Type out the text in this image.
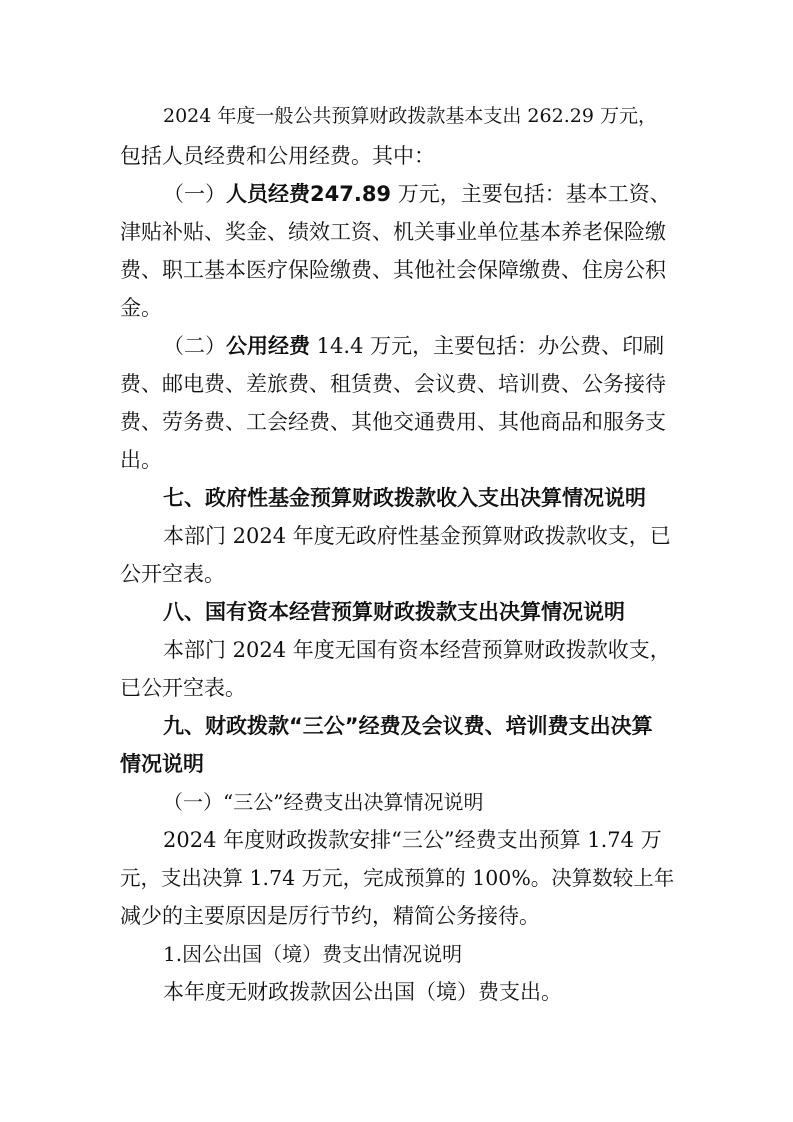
2024 年度一般公共预算财政拨款基本支出 262.29 万元，
包括人员经费和公用经费。其中：
（一）人员经费247.89 万元，主要包括：基本工资、
津贴补贴、奖金、绩效工资、机关事业单位基本养老保险缴
费、职工基本医疗保险缴费、其他社会保障缴费、住房公积
金。
（二）公用经费 14.4 万元，主要包括：办公费、印刷
费、邮电费、差旅费、租赁费、会议费、培训费、公务接待
费、劳务费、工会经费、其他交通费用、其他商品和服务支
出。
七、政府性基金预算财政拨款收入支出决算情况说明
本部门 2024 年度无政府性基金预算财政拨款收支，已
公开空表。
八、国有资本经营预算财政拨款支出决算情况说明
本部门 2024 年度无国有资本经营预算财政拨款收支，
已公开空表。
九、财政拨款“三公”经费及会议费、培训费支出决算
情况说明
（一）“三公”经费支出决算情况说明
2024 年度财政拨款安排“三公”经费支出预算 1.74 万
元，支出决算 1.74 万元，完成预算的 100%。决算数较上年
减少的主要原因是厉行节约，精简公务接待。
1.因公出国（境）费支出情况说明
本年度无财政拨款因公出国（境）费支出。
